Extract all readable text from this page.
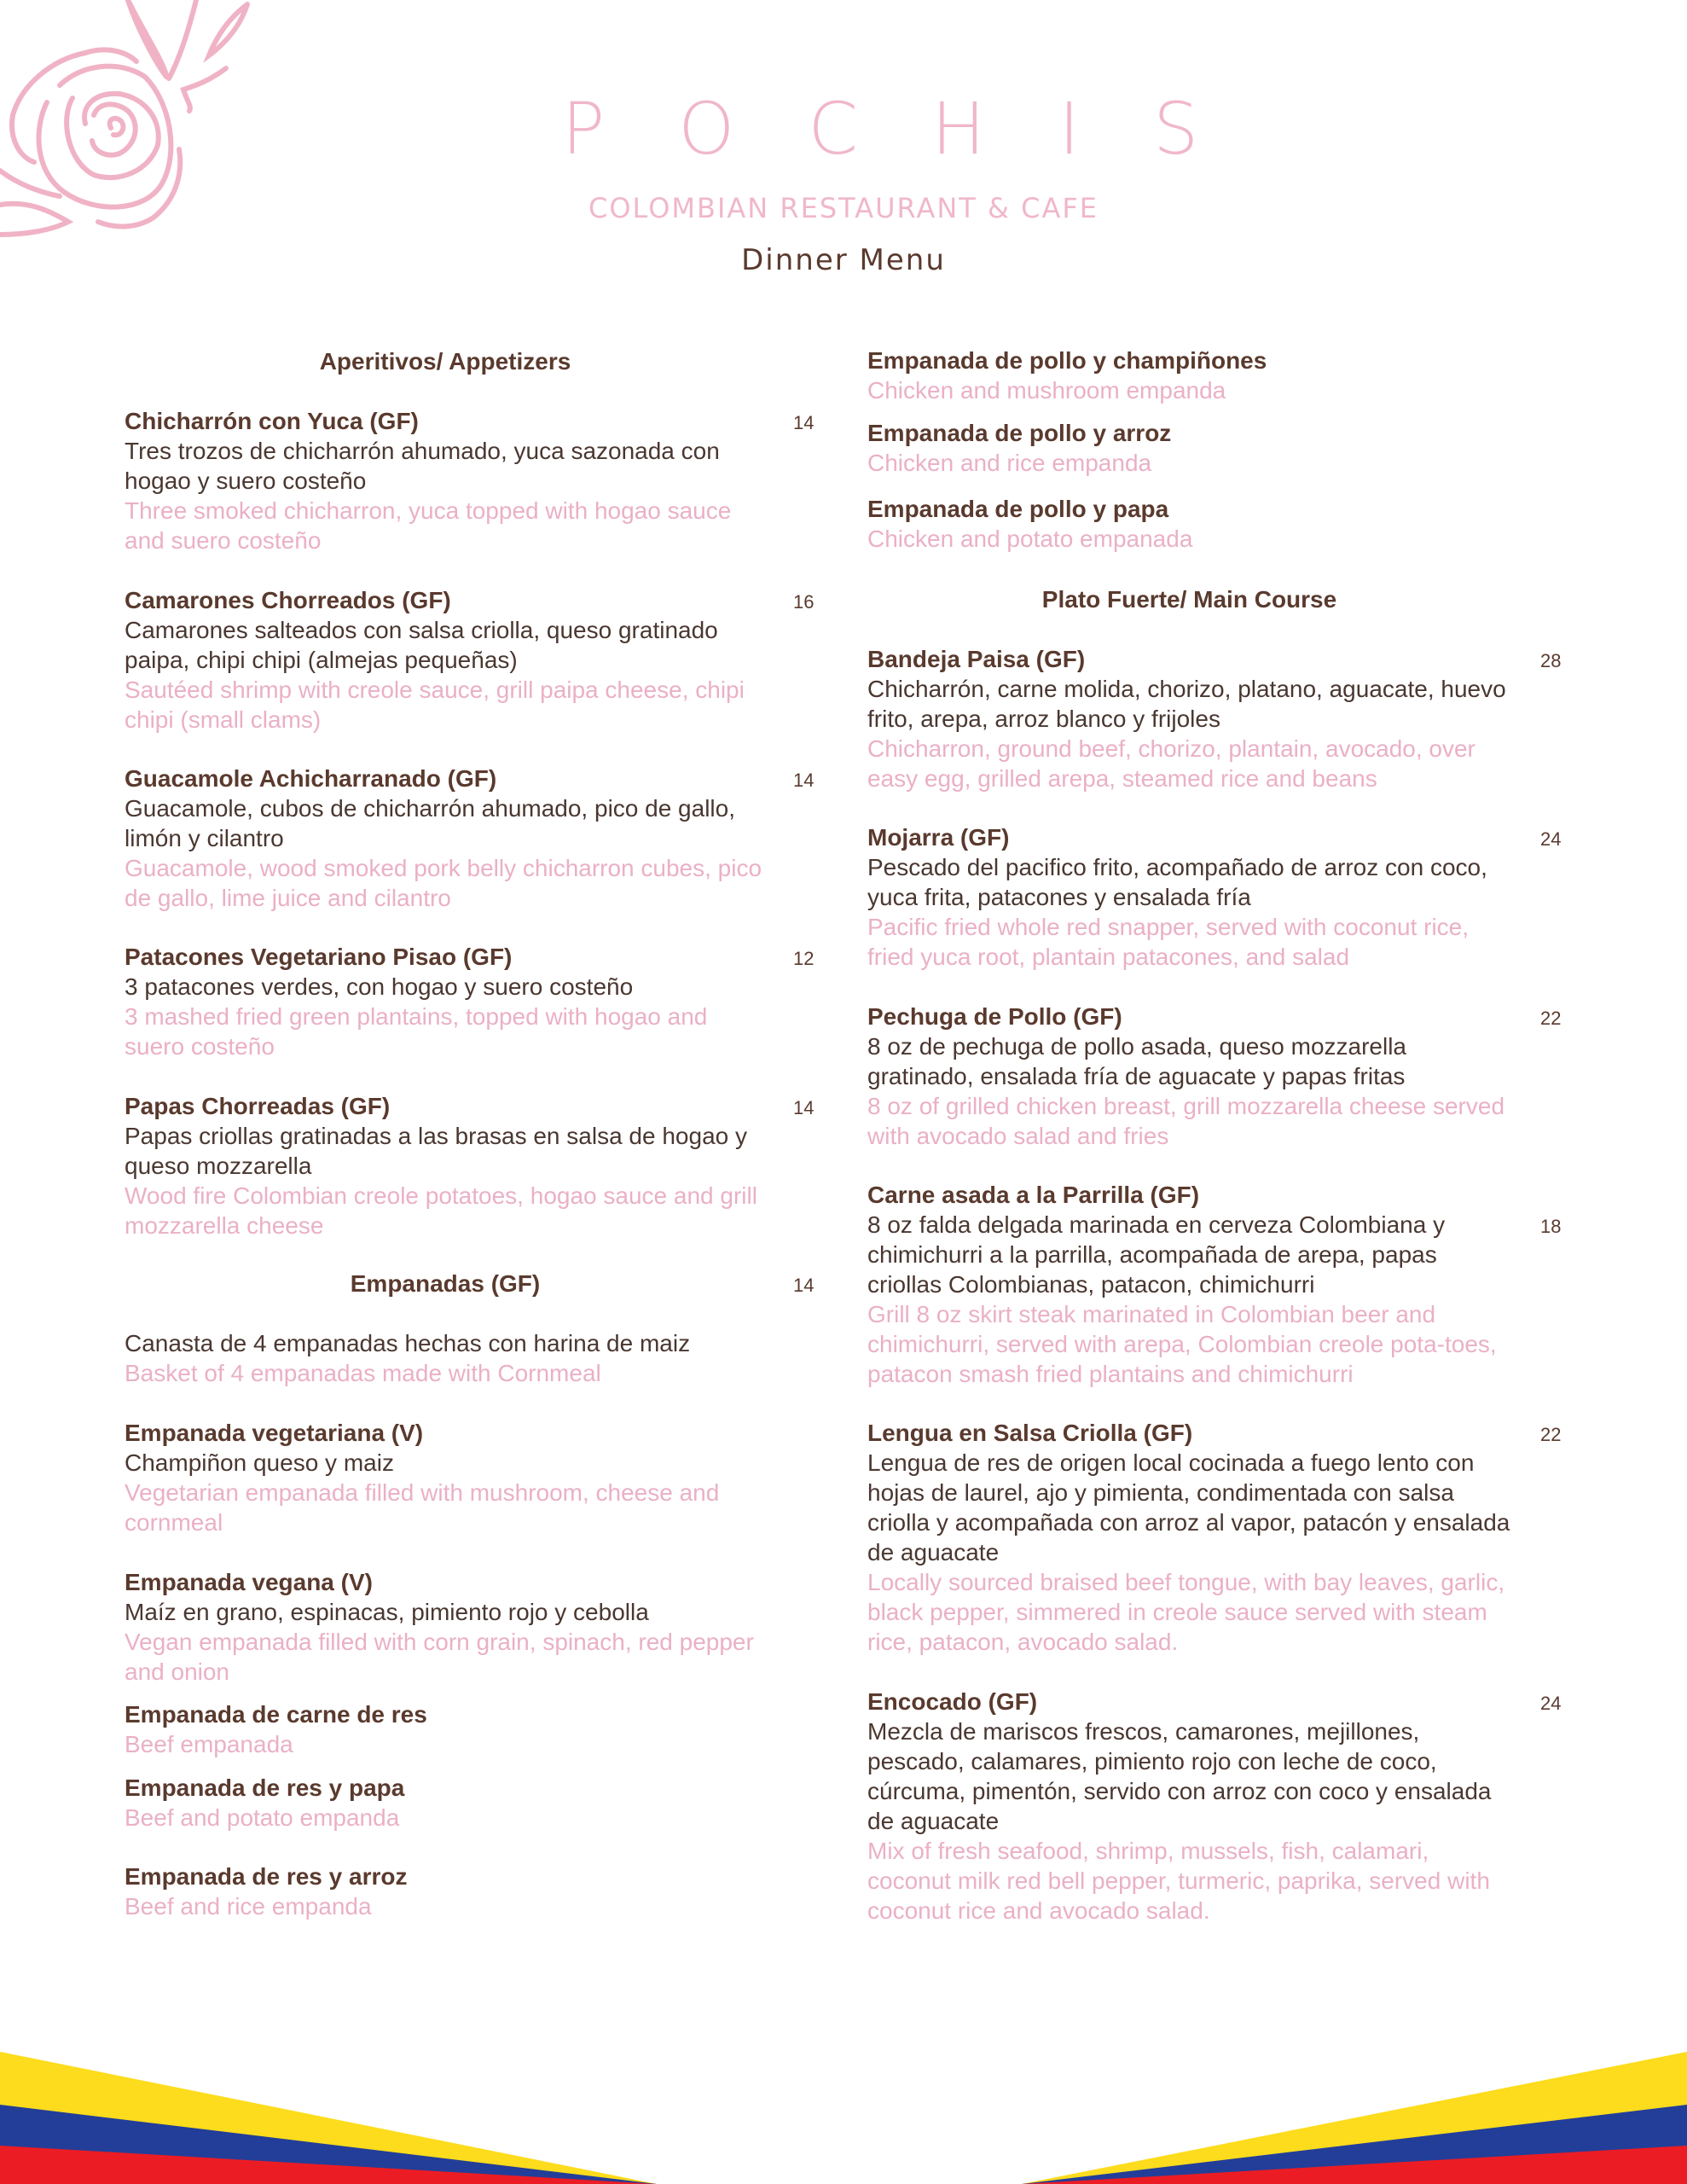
POCHIS
COLOMBIAN RESTAURANT & CAFE
Dinner Menu
Aperitivos/ Appetizers
Chicharrón con Yuca (GF)
Tres trozos de chicharrón ahumado, yuca sazonada con hogao y suero costeño
Three smoked chicharron, yuca topped with hogao sauce and suero costeño
14
Camarones Chorreados (GF)
Camarones salteados con salsa criolla, queso gratinado paipa, chipi chipi (almejas pequeñas)
Sautéed shrimp with creole sauce, grill paipa cheese, chipi chipi (small clams)
16
Guacamole Achicharranado (GF)
Guacamole, cubos de chicharrón ahumado, pico de gallo, limón y cilantro
Guacamole, wood smoked pork belly chicharron cubes, pico de gallo, lime juice and cilantro
14
Patacones Vegetariano Pisao (GF)
3 patacones verdes, con hogao y suero costeño
3 mashed fried green plantains, topped with hogao and suero costeño
12
Papas Chorreadas (GF)
Papas criollas gratinadas a las brasas en salsa de hogao y queso mozzarella
Wood fire Colombian creole potatoes, hogao sauce and grill mozzarella cheese
14
Empanadas (GF)	14
Canasta de 4 empanadas hechas con harina de maiz
Basket of 4 empanadas made with Cornmeal
Empanada vegetariana (V)
Champiñon queso y maiz
Vegetarian empanada filled with mushroom, cheese and cornmeal
Empanada vegana (V)
Maíz en grano, espinacas, pimiento rojo y cebolla
Vegan empanada filled with corn grain, spinach, red pepper and onion
Empanada de carne de res
Beef empanada
Empanada de res y papa
Beef and potato empanda
Empanada de res y arroz
Beef and rice empanda
Empanada de pollo y champiñones
Chicken and mushroom empanda
Empanada de pollo y arroz
Chicken and rice empanda
Empanada de pollo y papa
Chicken and potato empanada
Plato Fuerte/ Main Course
Bandeja Paisa (GF)
Chicharrón, carne molida, chorizo, platano, aguacate, huevo frito, arepa, arroz blanco y frijoles
Chicharron, ground beef, chorizo, plantain, avocado, over easy egg, grilled arepa, steamed rice and beans
28
Mojarra (GF)
Pescado del pacifico frito, acompañado de arroz con coco, yuca frita, patacones y ensalada fría
Pacific fried whole red snapper, served with coconut rice, fried yuca root, plantain patacones, and salad
24
Pechuga de Pollo (GF)
8 oz de pechuga de pollo asada, queso mozzarella gratinado, ensalada fría de aguacate y papas fritas
8 oz of grilled chicken breast, grill mozzarella cheese served with avocado salad and fries
22
Carne asada a la Parrilla (GF)
8 oz falda delgada marinada en cerveza Colombiana y chimichurri a la parrilla, acompañada de arepa, papas criollas Colombianas, patacon, chimichurri
Grill 8 oz skirt steak marinated in Colombian beer and chimichurri, served with arepa, Colombian creole pota-toes, patacon smash fried plantains and chimichurri
18
Lengua en Salsa Criolla (GF)
Lengua de res de origen local cocinada a fuego lento con hojas de laurel, ajo y pimienta, condimentada con salsa criolla y acompañada con arroz al vapor, patacón y ensalada de aguacate
Locally sourced braised beef tongue, with bay leaves, garlic, black pepper, simmered in creole sauce served with steam rice, patacon, avocado salad.
22
Encocado (GF)
Mezcla de mariscos frescos, camarones, mejillones, pescado, calamares, pimiento rojo con leche de coco, cúrcuma, pimentón, servido con arroz con coco y ensalada de aguacate
Mix of fresh seafood, shrimp, mussels, fish, calamari, coconut milk red bell pepper, turmeric, paprika, served with coconut rice and avocado salad.
24
